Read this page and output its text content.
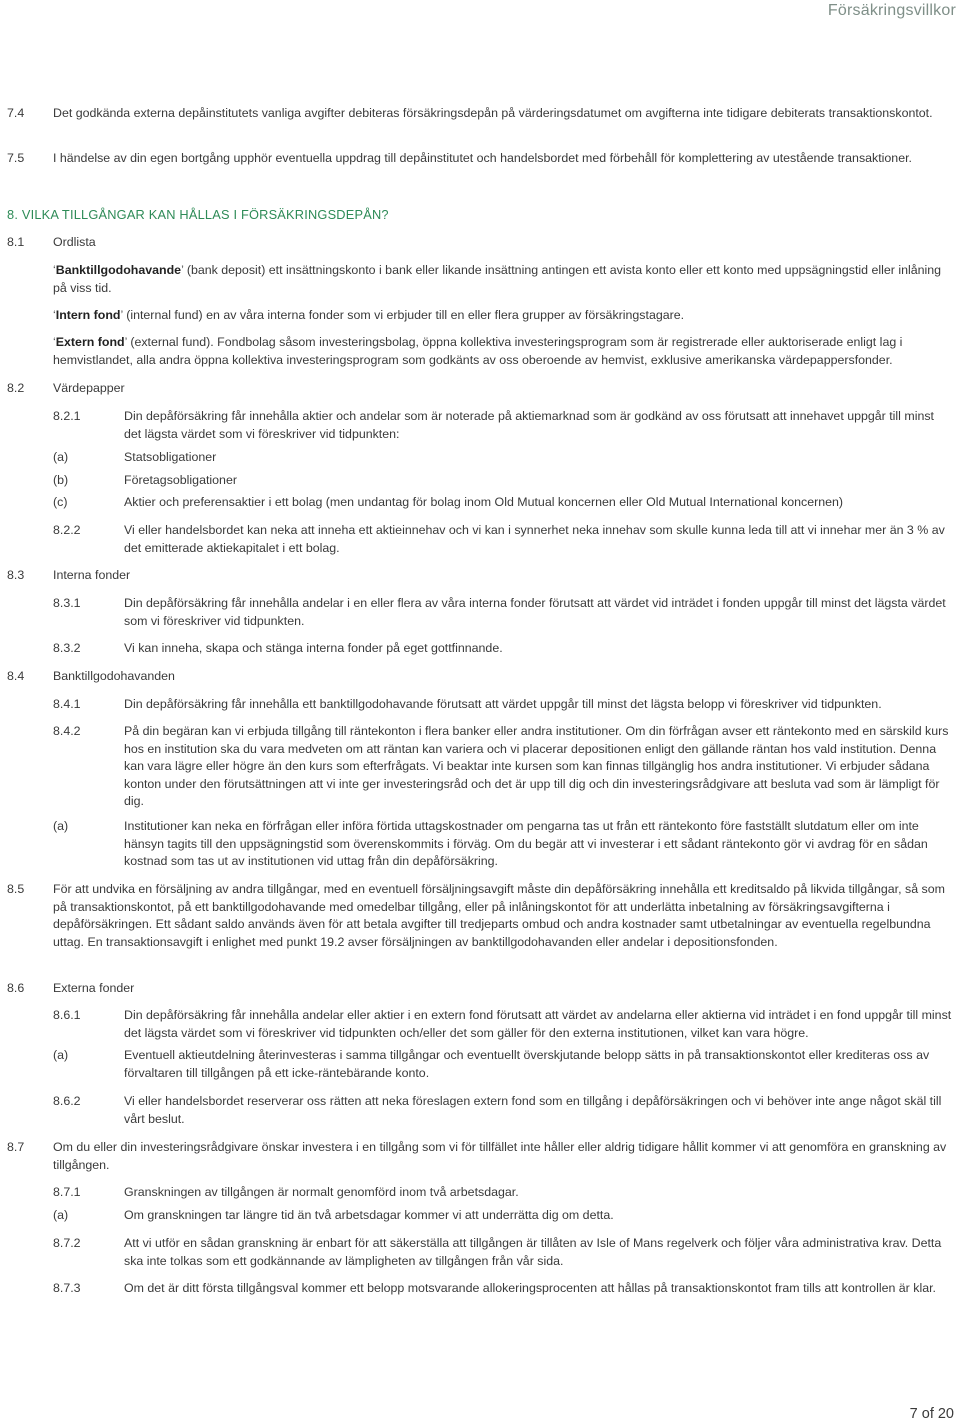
Försäkringsvillkor
7.4 Det godkända externa depåinstitutets vanliga avgifter debiteras försäkringsdepån på värderingsdatumet om avgifterna inte tidigare debiterats transaktionskontot.
7.5 I händelse av din egen bortgång upphör eventuella uppdrag till depåinstitutet och handelsbordet med förbehåll för komplettering av utestående transaktioner.
8. VILKA TILLGÅNGAR KAN HÅLLAS I FÖRSÄKRINGSDEPÅN?
8.1 Ordlista
‘Banktillgodohavande’ (bank deposit) ett insättningskonto i bank eller likande insättning antingen ett avista konto eller ett konto med uppsägningstid eller inlåning på viss tid.
‘Intern fond’ (internal fund) en av våra interna fonder som vi erbjuder till en eller flera grupper av försäkringstagare.
‘Extern fond’ (external fund). Fondbolag såsom investeringsbolag, öppna kollektiva investeringsprogram som är registrerade eller auktoriserade enligt lag i hemvistlandet, alla andra öppna kollektiva investeringsprogram som godkänts av oss oberoende av hemvist, exklusive amerikanska värdepappersfonder.
8.2 Värdepapper
8.2.1	Din depåförsäkring får innehålla aktier och andelar som är noterade på aktiemarknad som är godkänd av oss förutsatt att innehavet uppgår till minst det lägsta värdet som vi föreskriver vid tidpunkten:
(a)	Statsobligationer
(b)	Företagsobligationer
(c)	Aktier och preferensaktier i ett bolag (men undantag för bolag inom Old Mutual koncernen eller Old Mutual International koncernen)
8.2.2	Vi eller handelsbordet kan neka att inneha ett aktieinnehav och vi kan i synnerhet neka innehav som skulle kunna leda till att vi innehar mer än 3 % av det emitterade aktiekapitalet i ett bolag.
8.3 Interna fonder
8.3.1	Din depåförsäkring får innehålla andelar i en eller flera av våra interna fonder förutsatt att värdet vid inträdet i fonden uppgår till minst det lägsta värdet som vi föreskriver vid tidpunkten.
8.3.2	Vi kan inneha, skapa och stänga interna fonder på eget gottfinnande.
8.4 Banktillgodohavanden
8.4.1	Din depåförsäkring får innehålla ett banktillgodohavande förutsatt att värdet uppgår till minst det lägsta belopp vi föreskriver vid tidpunkten.
8.4.2	På din begäran kan vi erbjuda tillgång till räntekonton i flera banker eller andra institutioner. Om din förfrågan avser ett räntekonto med en särskild kurs hos en institution ska du vara medveten om att räntan kan variera och vi placerar depositionen enligt den gällande räntan hos vald institution. Denna kan vara lägre eller högre än den kurs som efterfrågats. Vi beaktar inte kursen som kan finnas tillgänglig hos andra institutioner. Vi erbjuder sådana konton under den förutsättningen att vi inte ger investeringsråd och det är upp till dig och din investeringsrådgivare att besluta vad som är lämpligt för dig.
(a)	Institutioner kan neka en förfrågan eller införa förtida uttagskostnader om pengarna tas ut från ett räntekonto före fastställt slutdatum eller om inte hänsyn tagits till den uppsägningstid som överenskommits i förväg. Om du begär att vi investerar i ett sådant räntekonto gör vi avdrag för en sådan kostnad som tas ut av institutionen vid uttag från din depåförsäkring.
8.5 För att undvika en försäljning av andra tillgångar, med en eventuell försäljningsavgift måste din depåförsäkring innehålla ett kreditsaldo på likvida tillgångar, så som på transaktionskontot, på ett banktillgodohavande med omedelbar tillgång, eller på inlåningskontot för att underlätta inbetalning av försäkringsavgifterna i depåförsäkringen. Ett sådant saldo används även för att betala avgifter till tredjeparts ombud och andra kostnader samt utbetalningar av eventuella regelbundna uttag. En transaktionsavgift i enlighet med punkt 19.2 avser försäljningen av banktillgodohavanden eller andelar i depositionsfonden.
8.6 Externa fonder
8.6.1	Din depåförsäkring får innehålla andelar eller aktier i en extern fond förutsatt att värdet av andelarna eller aktierna vid inträdet i en fond uppgår till minst det lägsta värdet som vi föreskriver vid tidpunkten och/eller det som gäller för den externa institutionen, vilket kan vara högre.
(a)	Eventuell aktieutdelning återinvesteras i samma tillgångar och eventuellt överskjutande belopp sätts in på transaktionskontot eller krediteras oss av förvaltaren till tillgången på ett icke-räntebärande konto.
8.6.2	Vi eller handelsbordet reserverar oss rätten att neka föreslagen extern fond som en tillgång i depåförsäkringen och vi behöver inte ange något skäl till vårt beslut.
8.7 Om du eller din investeringsrådgivare önskar investera i en tillgång som vi för tillfället inte håller eller aldrig tidigare hållit kommer vi att genomföra en granskning av tillgången.
8.7.1	Granskningen av tillgången är normalt genomförd inom två arbetsdagar.
(a)	Om granskningen tar längre tid än två arbetsdagar kommer vi att underrätta dig om detta.
8.7.2	Att vi utför en sådan granskning är enbart för att säkerställa att tillgången är tillåten av Isle of Mans regelverk och följer våra administrativa krav. Detta ska inte tolkas som ett godkännande av lämpligheten av tillgången från vår sida.
8.7.3	Om det är ditt första tillgångsval kommer ett belopp motsvarande allokeringsprocenten att hållas på transaktionskontot fram tills att kontrollen är klar.
7 of 20
